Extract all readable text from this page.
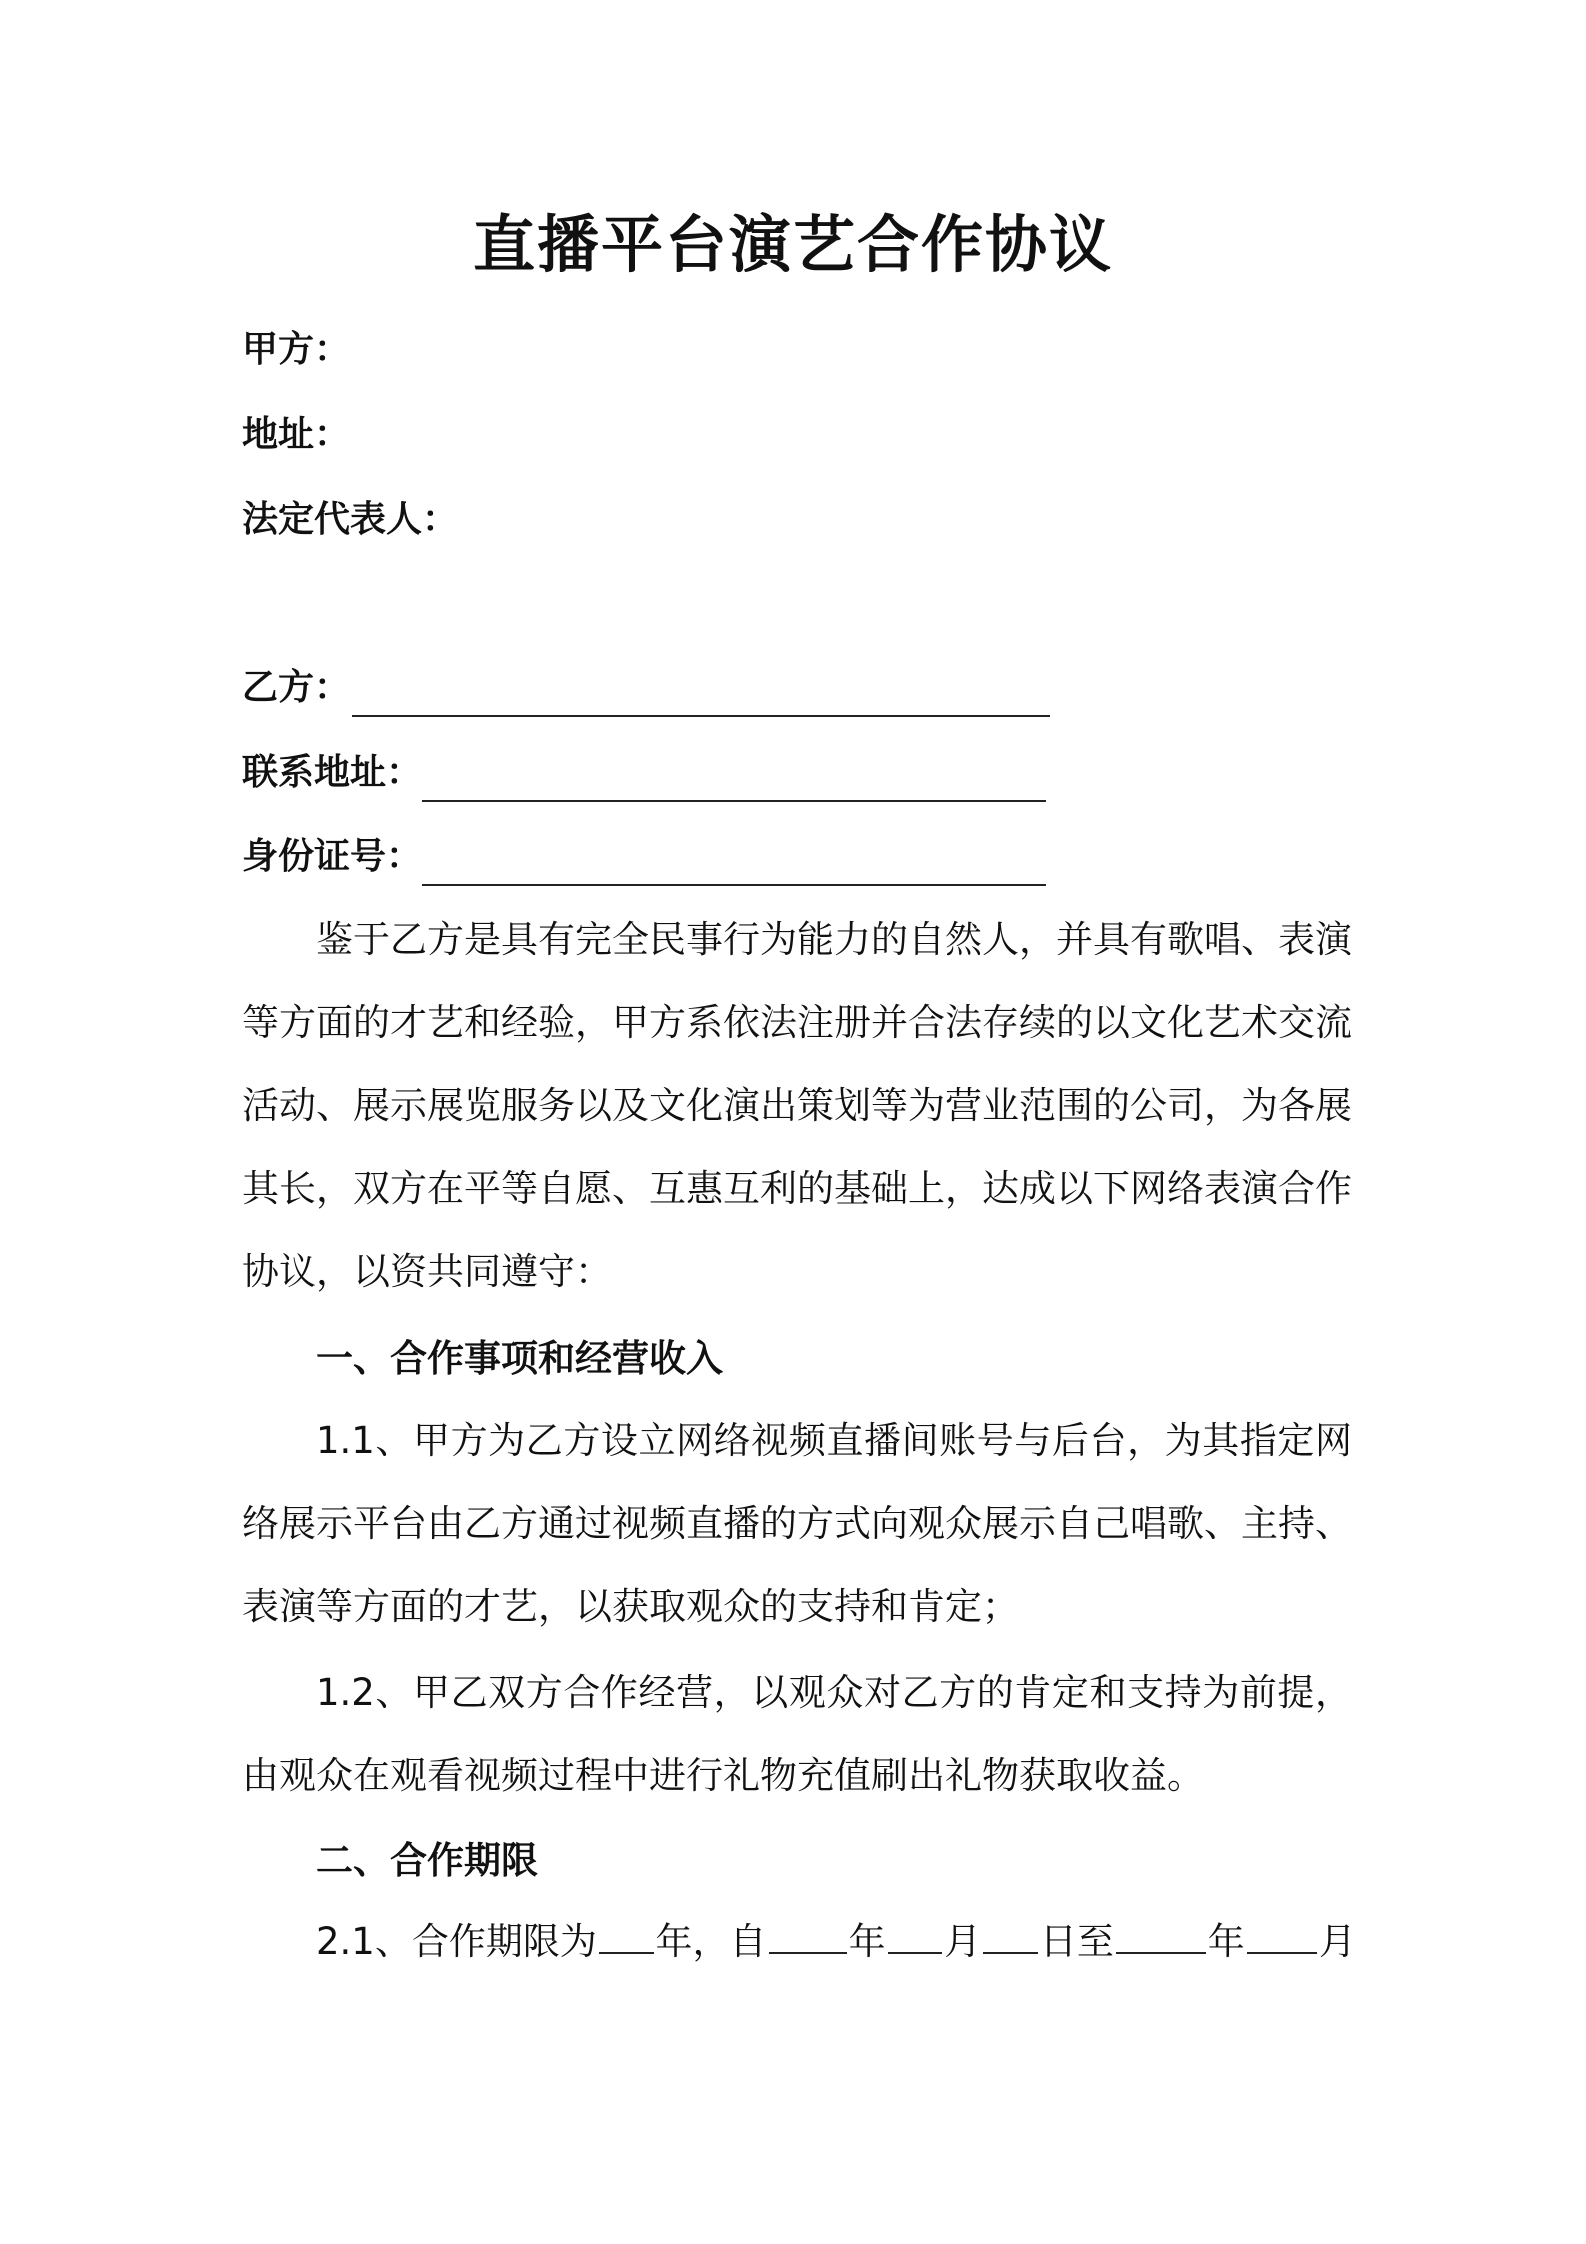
直播平台演艺合作协议
甲方：
地址：
法定代表人：
乙方：
联系地址：
身份证号：
鉴于乙方是具有完全民事行为能力的自然人，并具有歌唱、表演等方面的才艺和经验，甲方系依法注册并合法存续的以文化艺术交流活动、展示展览服务以及文化演出策划等为营业范围的公司，为各展其长，双方在平等自愿、互惠互利的基础上，达成以下网络表演合作协议，以资共同遵守：
一、合作事项和经营收入
1.1、甲方为乙方设立网络视频直播间账号与后台，为其指定网络展示平台由乙方通过视频直播的方式向观众展示自己唱歌、主持、表演等方面的才艺，以获取观众的支持和肯定；
1.2、甲乙双方合作经营，以观众对乙方的肯定和支持为前提，由观众在观看视频过程中进行礼物充值刷出礼物获取收益。
二、合作期限
2.1、合作期限为 年，自 年 月 日至	年 月
